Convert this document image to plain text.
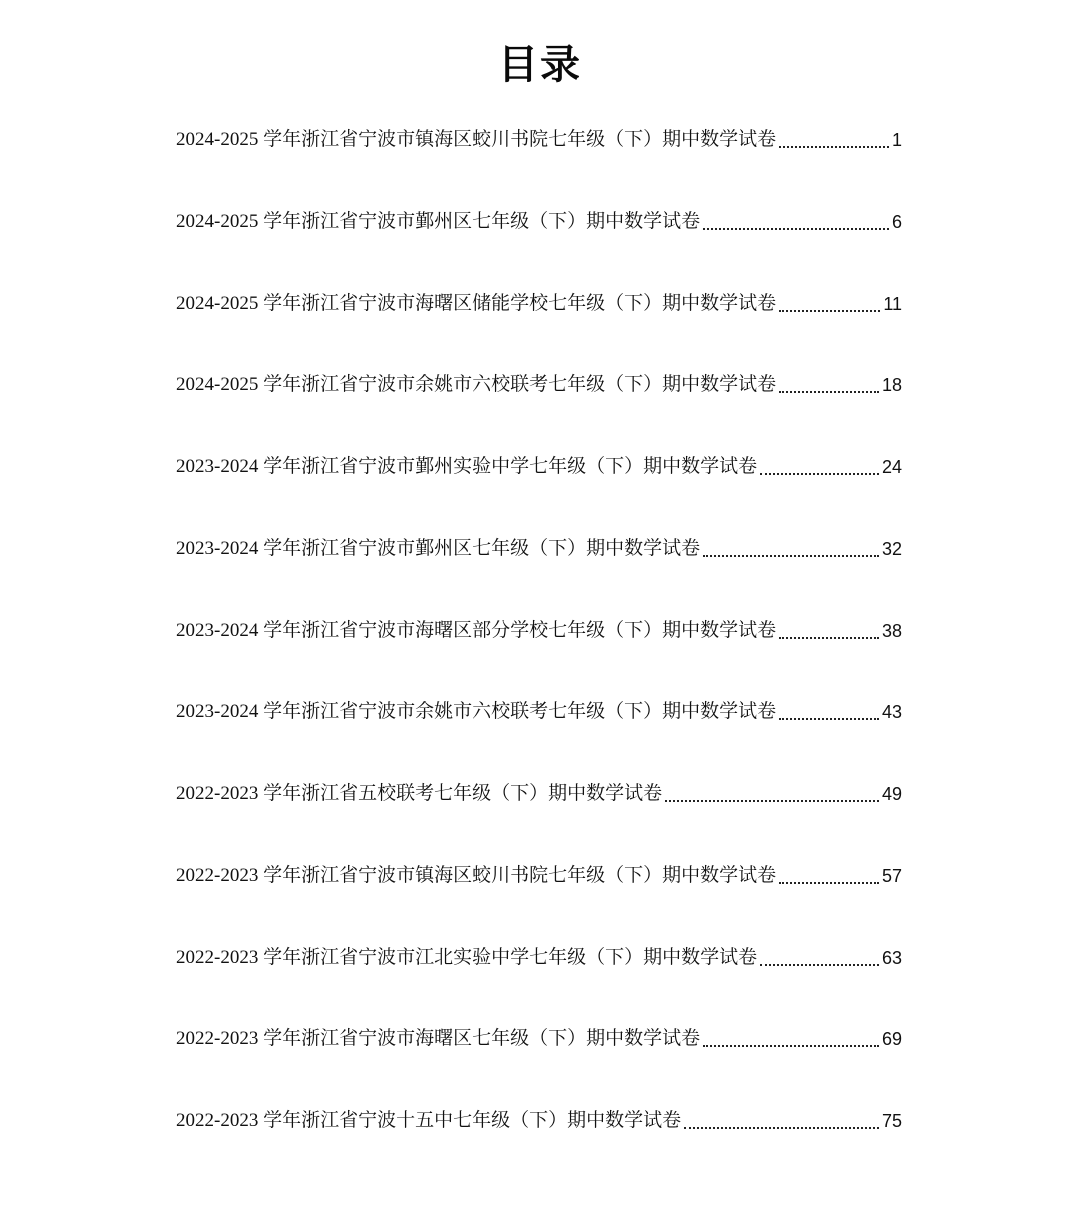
目录
2024-2025 学年浙江省宁波市镇海区蛟川书院七年级（下）期中数学试卷	1
2024-2025 学年浙江省宁波市鄞州区七年级（下）期中数学试卷	6
2024-2025 学年浙江省宁波市海曙区储能学校七年级（下）期中数学试卷	11
2024-2025 学年浙江省宁波市余姚市六校联考七年级（下）期中数学试卷	18
2023-2024 学年浙江省宁波市鄞州实验中学七年级（下）期中数学试卷	24
2023-2024 学年浙江省宁波市鄞州区七年级（下）期中数学试卷	32
2023-2024 学年浙江省宁波市海曙区部分学校七年级（下）期中数学试卷	38
2023-2024 学年浙江省宁波市余姚市六校联考七年级（下）期中数学试卷	43
2022-2023 学年浙江省五校联考七年级（下）期中数学试卷	49
2022-2023 学年浙江省宁波市镇海区蛟川书院七年级（下）期中数学试卷	57
2022-2023 学年浙江省宁波市江北实验中学七年级（下）期中数学试卷	63
2022-2023 学年浙江省宁波市海曙区七年级（下）期中数学试卷	69
2022-2023 学年浙江省宁波十五中七年级（下）期中数学试卷	75
